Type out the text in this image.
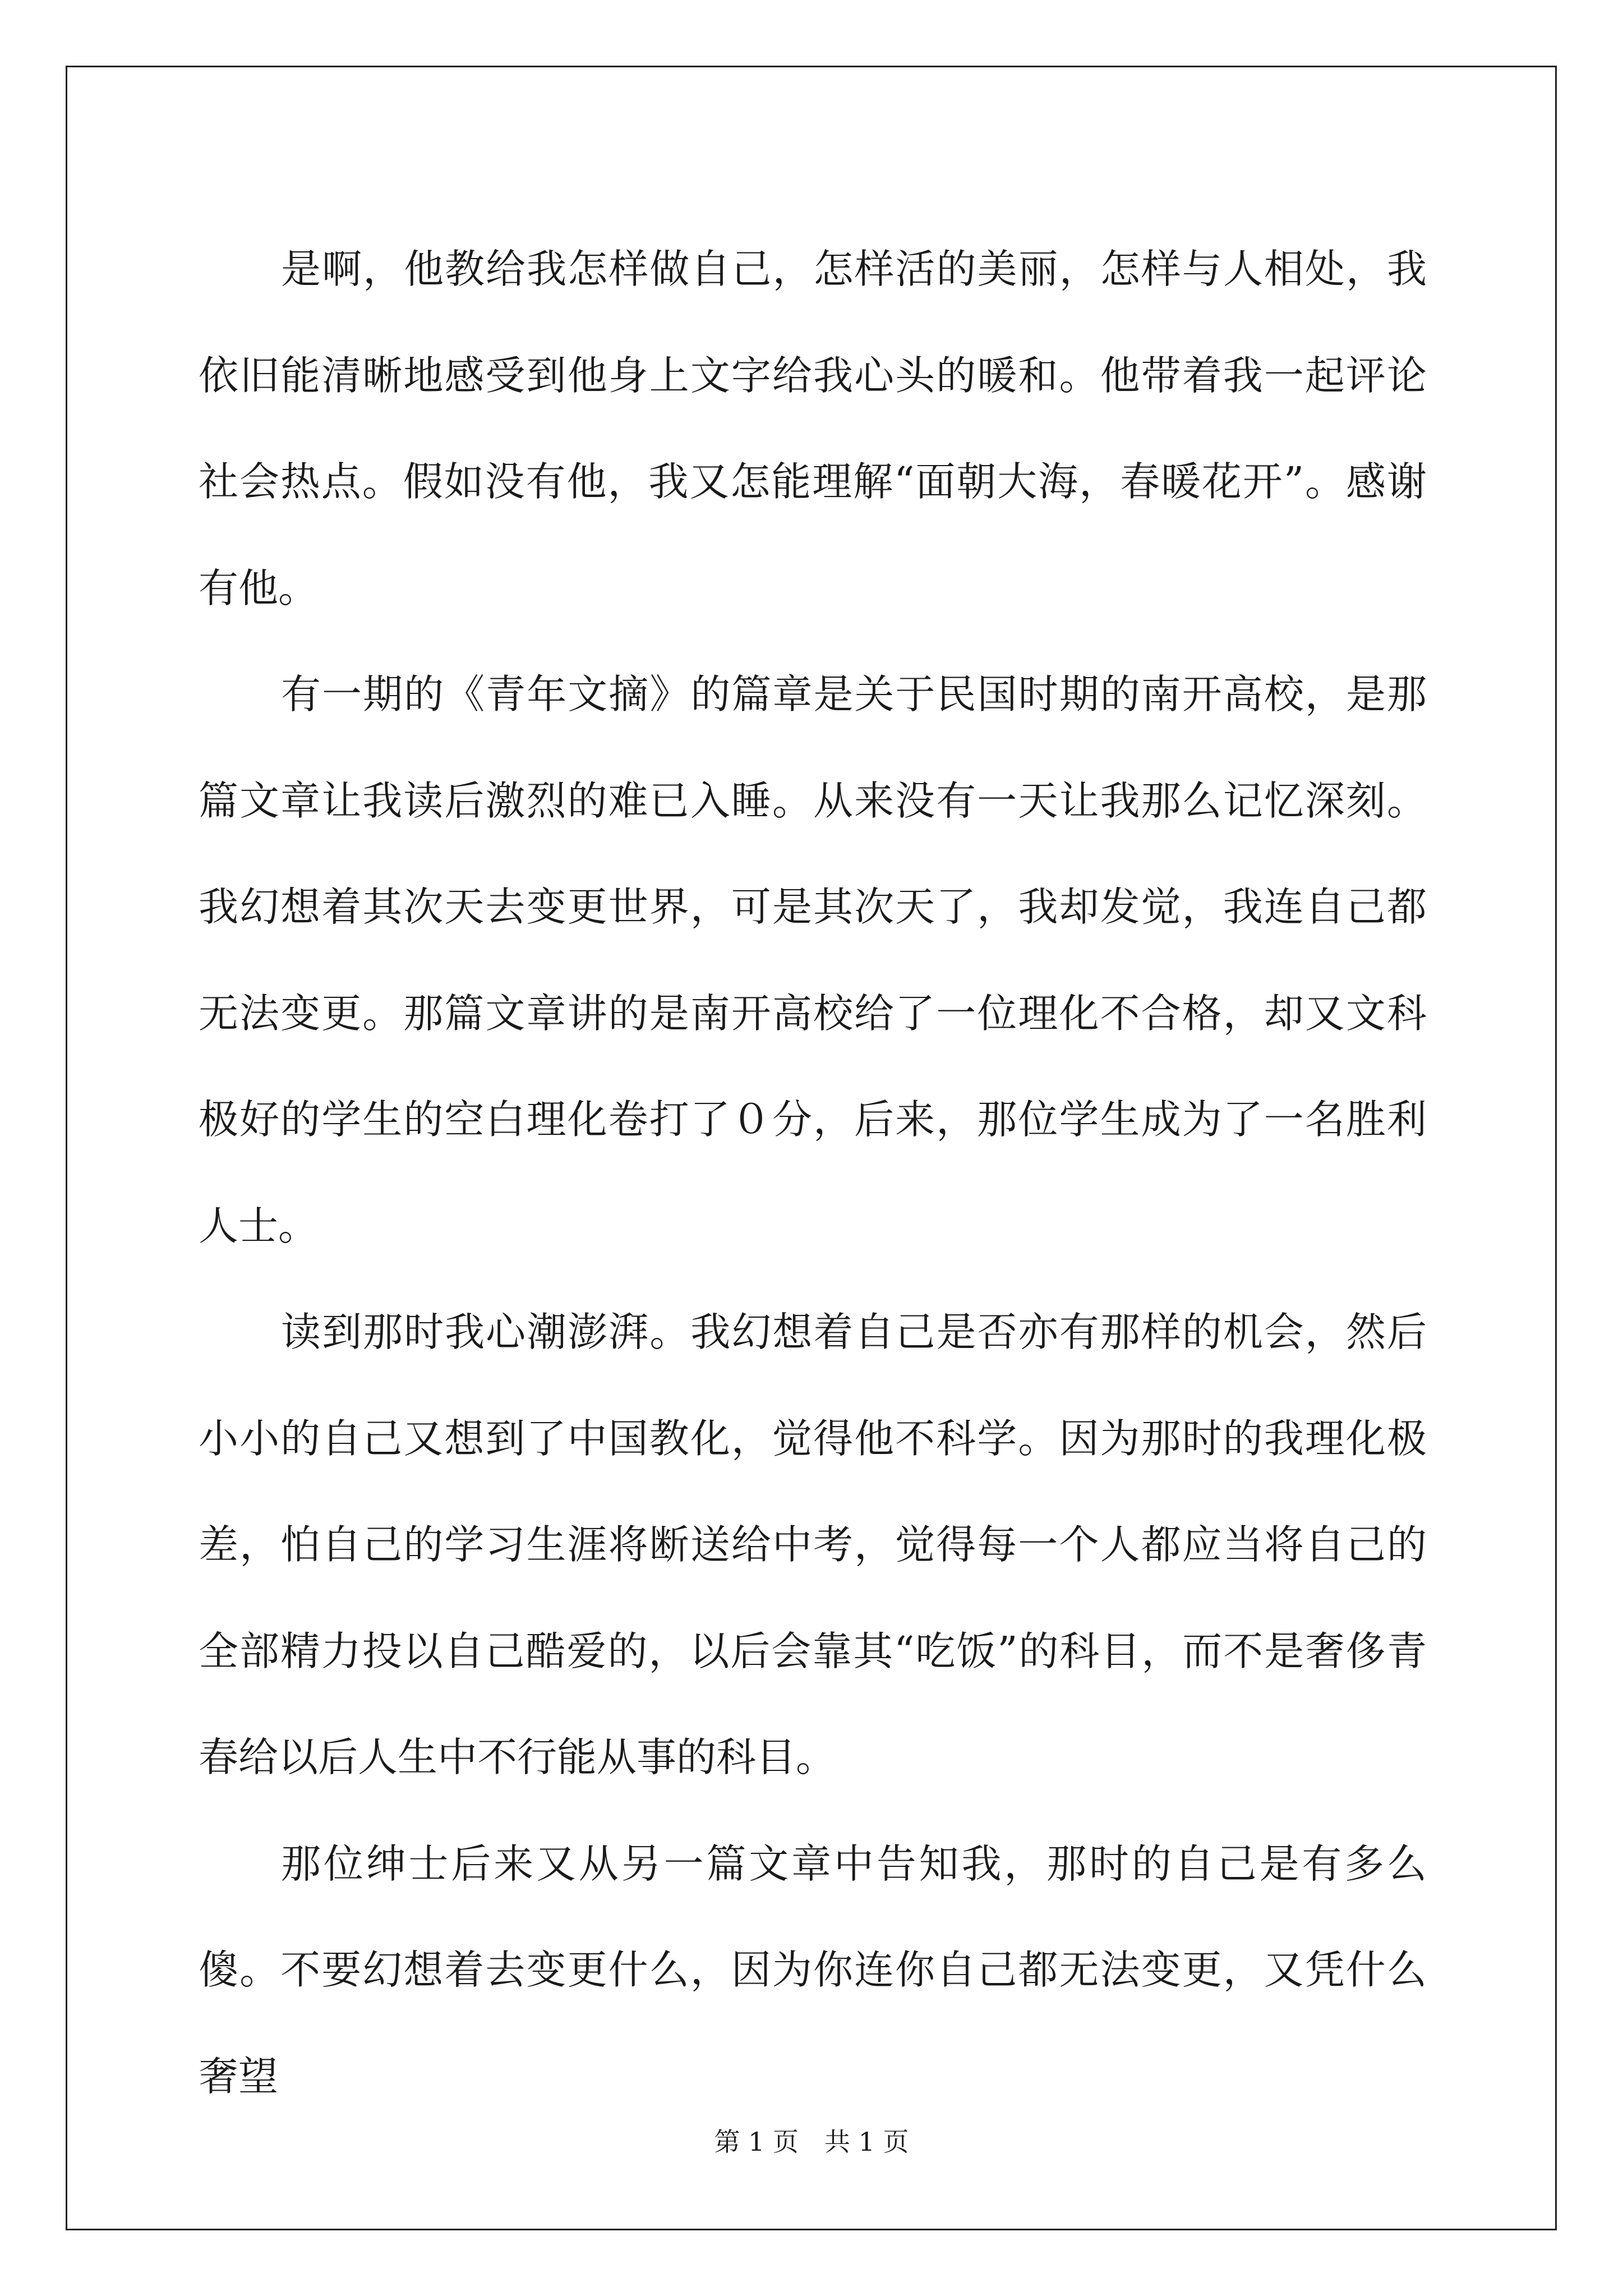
是啊，他教给我怎样做自己，怎样活的美丽，怎样与人相处，我依旧能清晰地感受到他身上文字给我心头的暖和。他带着我一起评论社会热点。假如没有他，我又怎能理解“面朝大海，春暖花开”。感谢有他。

有一期的《青年文摘》的篇章是关于民国时期的南开高校，是那篇文章让我读后激烈的难已入睡。从来没有一天让我那么记忆深刻。我幻想着其次天去变更世界，可是其次天了，我却发觉，我连自己都无法变更。那篇文章讲的是南开高校给了一位理化不合格，却又文科极好的学生的空白理化卷打了０分，后来，那位学生成为了一名胜利人士。

读到那时我心潮澎湃。我幻想着自己是否亦有那样的机会，然后小小的自己又想到了中国教化，觉得他不科学。因为那时的我理化极差，怕自己的学习生涯将断送给中考，觉得每一个人都应当将自己的全部精力投以自己酷爱的，以后会靠其“吃饭”的科目，而不是奢侈青春给以后人生中不行能从事的科目。

那位绅士后来又从另一篇文章中告知我，那时的自己是有多么傻。不要幻想着去变更什么，因为你连你自己都无法变更，又凭什么奢望

第 1 页　共 1 页
